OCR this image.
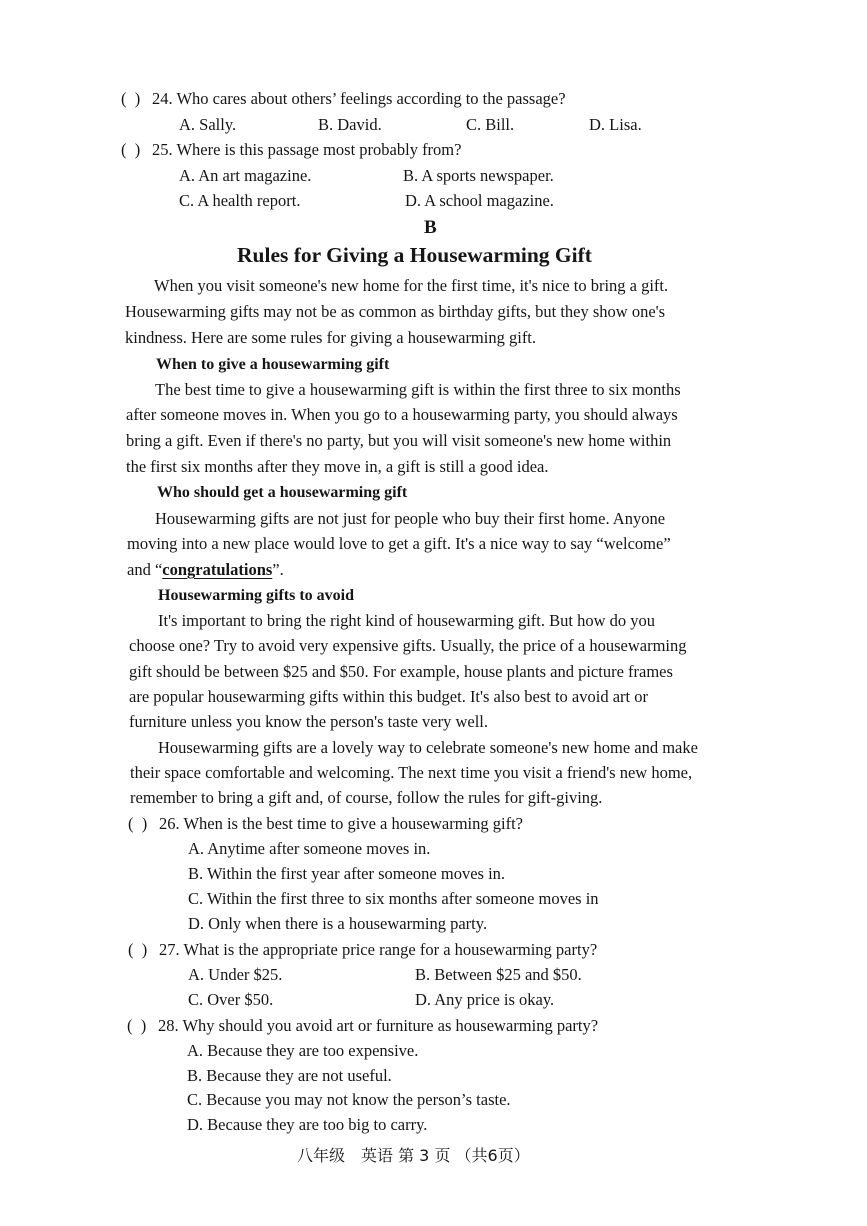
(  ) 24. Who cares about others’ feelings according to the passage?
A. Sally.	B. David.	C. Bill.	D. Lisa.
(  ) 25. Where is this passage most probably from?
A. An art magazine.	B. A sports newspaper.
C. A health report.	D. A school magazine.
B
Rules for Giving a Housewarming Gift
When you visit someone's new home for the first time, it's nice to bring a gift.
Housewarming gifts may not be as common as birthday gifts, but they show one's
kindness. Here are some rules for giving a housewarming gift.
When to give a housewarming gift
The best time to give a housewarming gift is within the first three to six months
after someone moves in. When you go to a housewarming party, you should always
bring a gift. Even if there's no party, but you will visit someone's new home within
the first six months after they move in, a gift is still a good idea.
Who should get a housewarming gift
Housewarming gifts are not just for people who buy their first home. Anyone
moving into a new place would love to get a gift. It's a nice way to say “welcome”
and “congratulations”.
Housewarming gifts to avoid
It's important to bring the right kind of housewarming gift. But how do you
choose one? Try to avoid very expensive gifts. Usually, the price of a housewarming
gift should be between $25 and $50. For example, house plants and picture frames
are popular housewarming gifts within this budget. It's also best to avoid art or
furniture unless you know the person's taste very well.
Housewarming gifts are a lovely way to celebrate someone's new home and make
their space comfortable and welcoming. The next time you visit a friend's new home,
remember to bring a gift and, of course, follow the rules for gift-giving.
(  ) 26. When is the best time to give a housewarming gift?
A. Anytime after someone moves in.
B. Within the first year after someone moves in.
C. Within the first three to six months after someone moves in
D. Only when there is a housewarming party.
(  ) 27. What is the appropriate price range for a housewarming party?
A. Under $25.	B. Between $25 and $50.
C. Over $50.	D. Any price is okay.
(  ) 28. Why should you avoid art or furniture as housewarming party?
A. Because they are too expensive.
B. Because they are not useful.
C. Because you may not know the person’s taste.
D. Because they are too big to carry.
八年级　英语 第 3 页 （共6页）
